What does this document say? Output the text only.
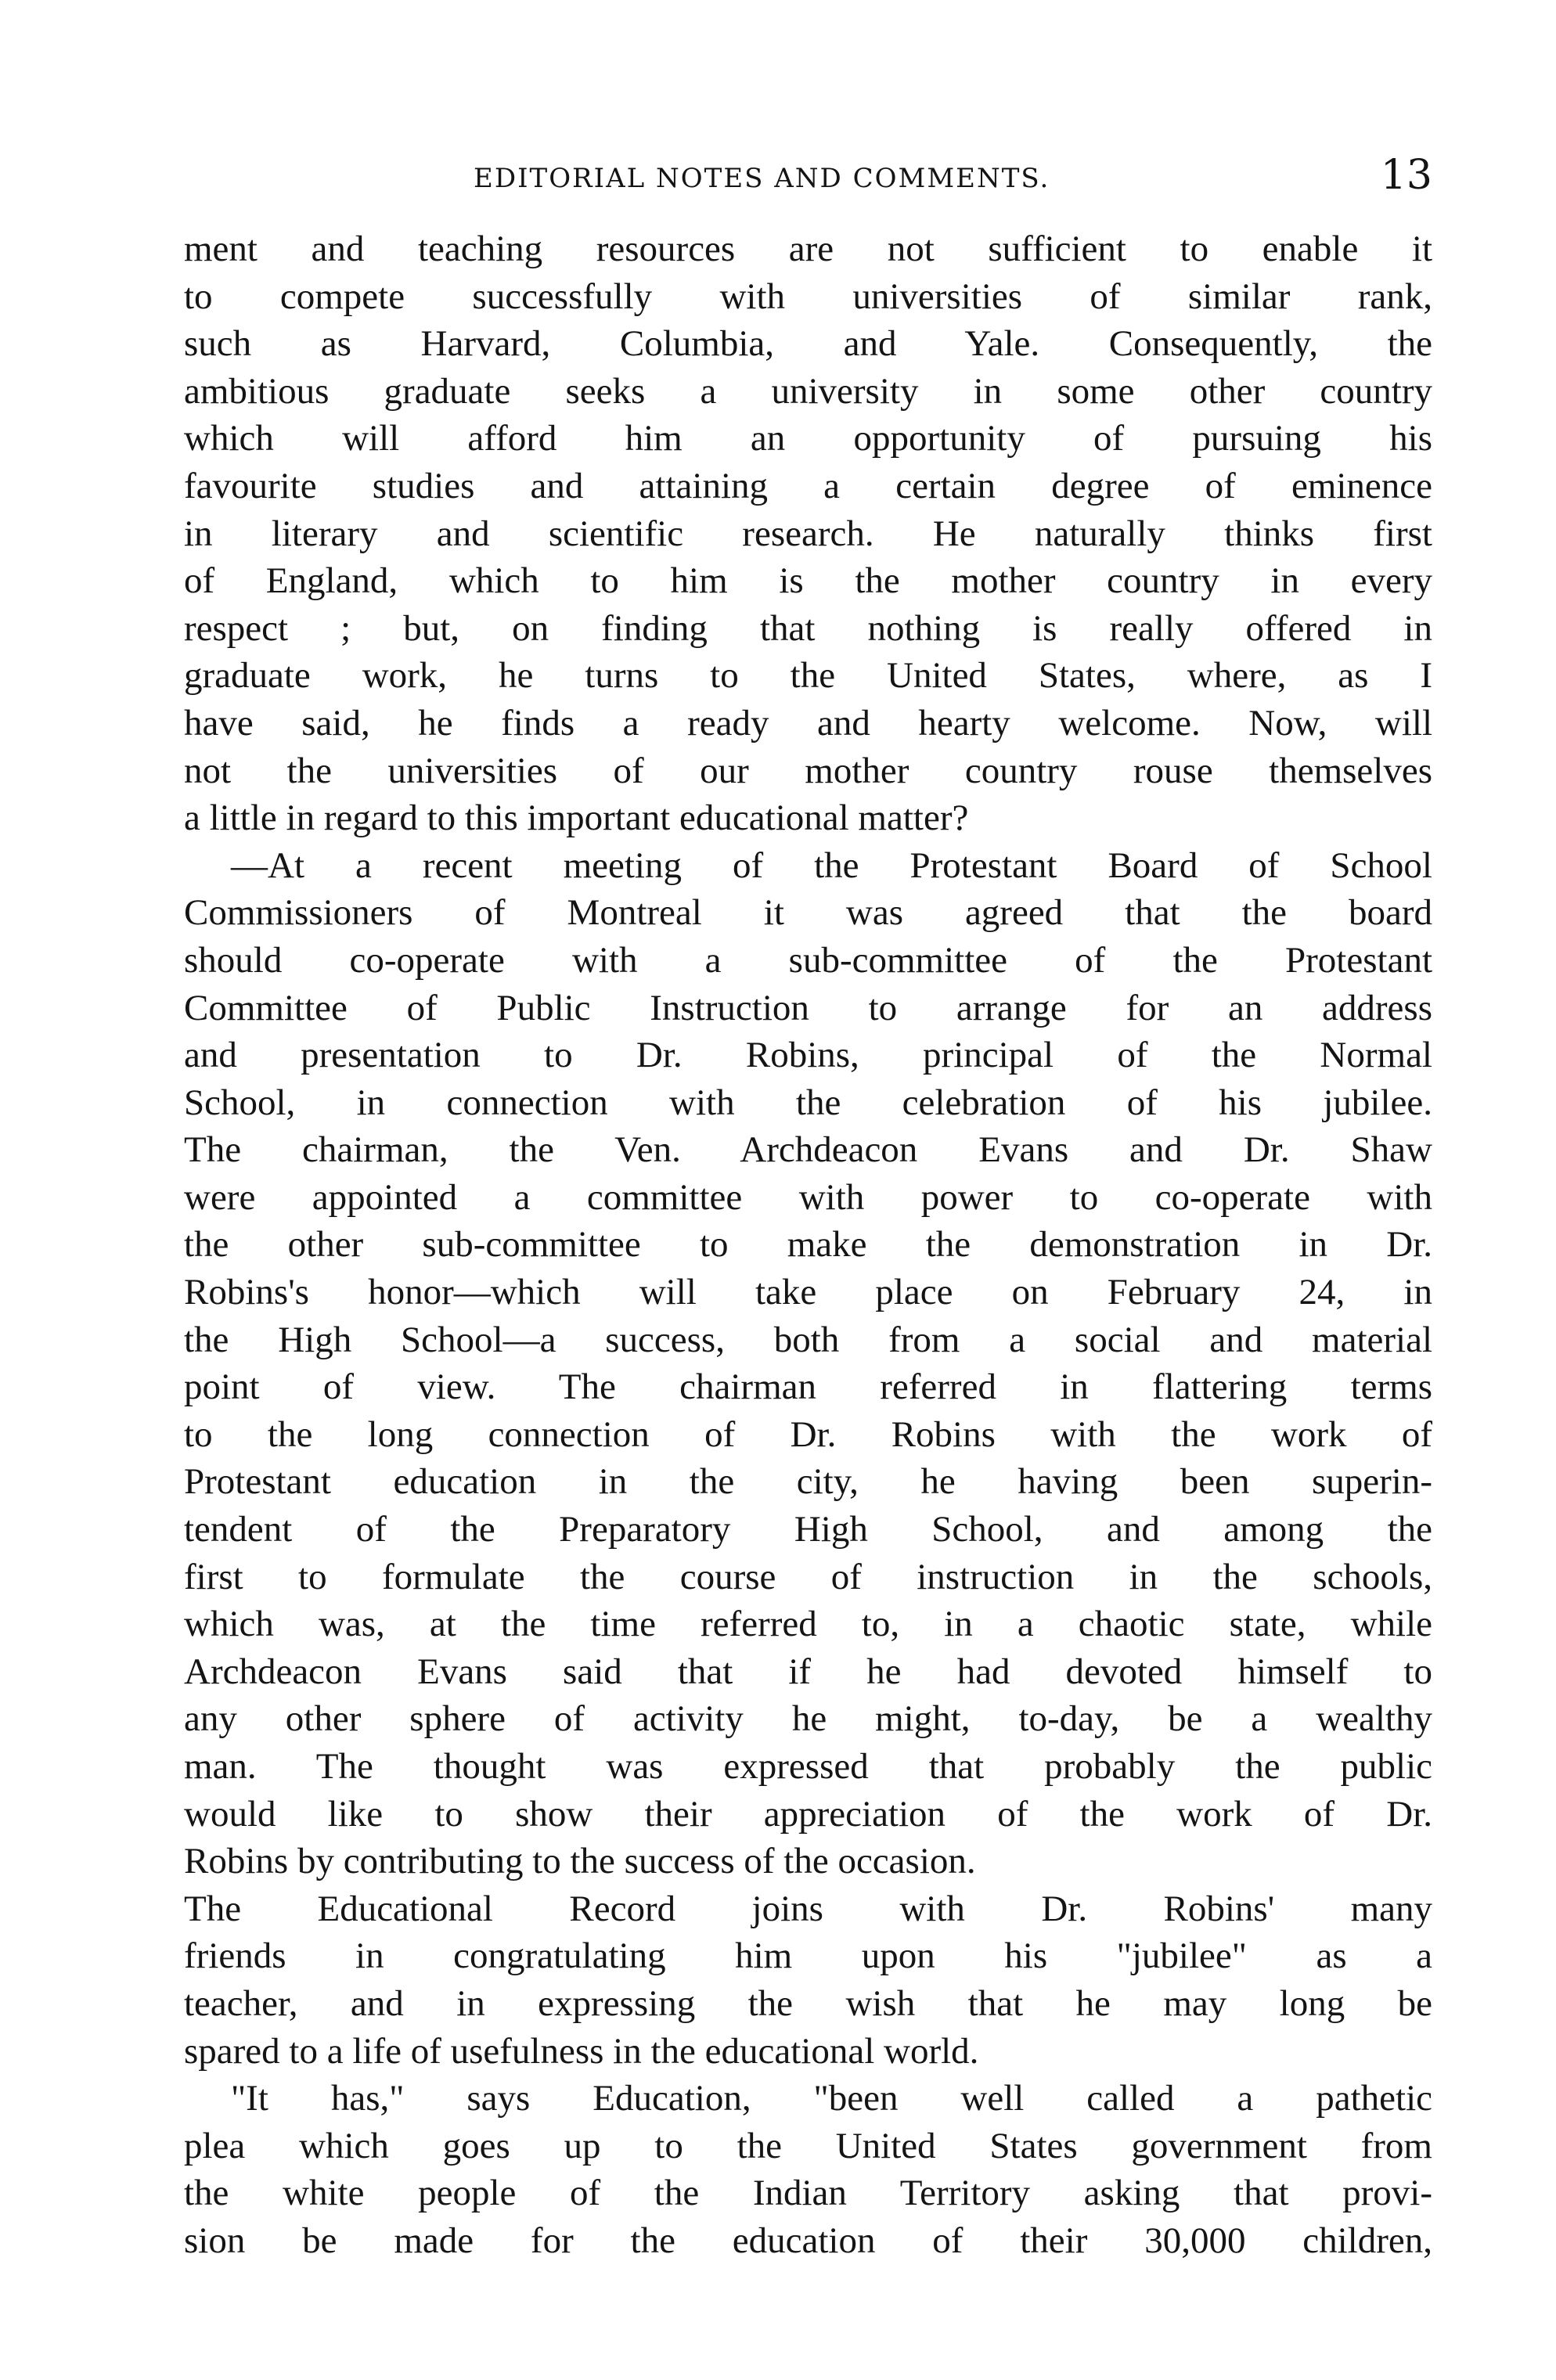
EDITORIAL NOTES AND COMMENTS.	13
ment and teaching resources are not sufficient to enable it
to compete successfully with universities of similar rank,
such as Harvard, Columbia, and Yale. Consequently, the
ambitious graduate seeks a university in some other country
which will afford him an opportunity of pursuing his
favourite studies and attaining a certain degree of eminence
in literary and scientific research. He naturally thinks first
of England, which to him is the mother country in every
respect ; but, on finding that nothing is really offered in
graduate work, he turns to the United States, where, as I
have said, he finds a ready and hearty welcome. Now, will
not the universities of our mother country rouse themselves
a little in regard to this important educational matter?
—At a recent meeting of the Protestant Board of School
Commissioners of Montreal it was agreed that the board
should co-operate with a sub-committee of the Protestant
Committee of Public Instruction to arrange for an address
and presentation to Dr. Robins, principal of the Normal
School, in connection with the celebration of his jubilee.
The chairman, the Ven. Archdeacon Evans and Dr. Shaw
were appointed a committee with power to co-operate with
the other sub-committee to make the demonstration in Dr.
Robins's honor—which will take place on February 24, in
the High School—a success, both from a social and material
point of view. The chairman referred in flattering terms
to the long connection of Dr. Robins with the work of
Protestant education in the city, he having been superin-
tendent of the Preparatory High School, and among the
first to formulate the course of instruction in the schools,
which was, at the time referred to, in a chaotic state, while
Archdeacon Evans said that if he had devoted himself to
any other sphere of activity he might, to-day, be a wealthy
man. The thought was expressed that probably the public
would like to show their appreciation of the work of Dr.
Robins by contributing to the success of the occasion.
The Educational Record joins with Dr. Robins' many
friends in congratulating him upon his "jubilee" as a
teacher, and in expressing the wish that he may long be
spared to a life of usefulness in the educational world.
"It has," says Education, "been well called a pathetic
plea which goes up to the United States government from
the white people of the Indian Territory asking that provi-
sion be made for the education of their 30,000 children,
